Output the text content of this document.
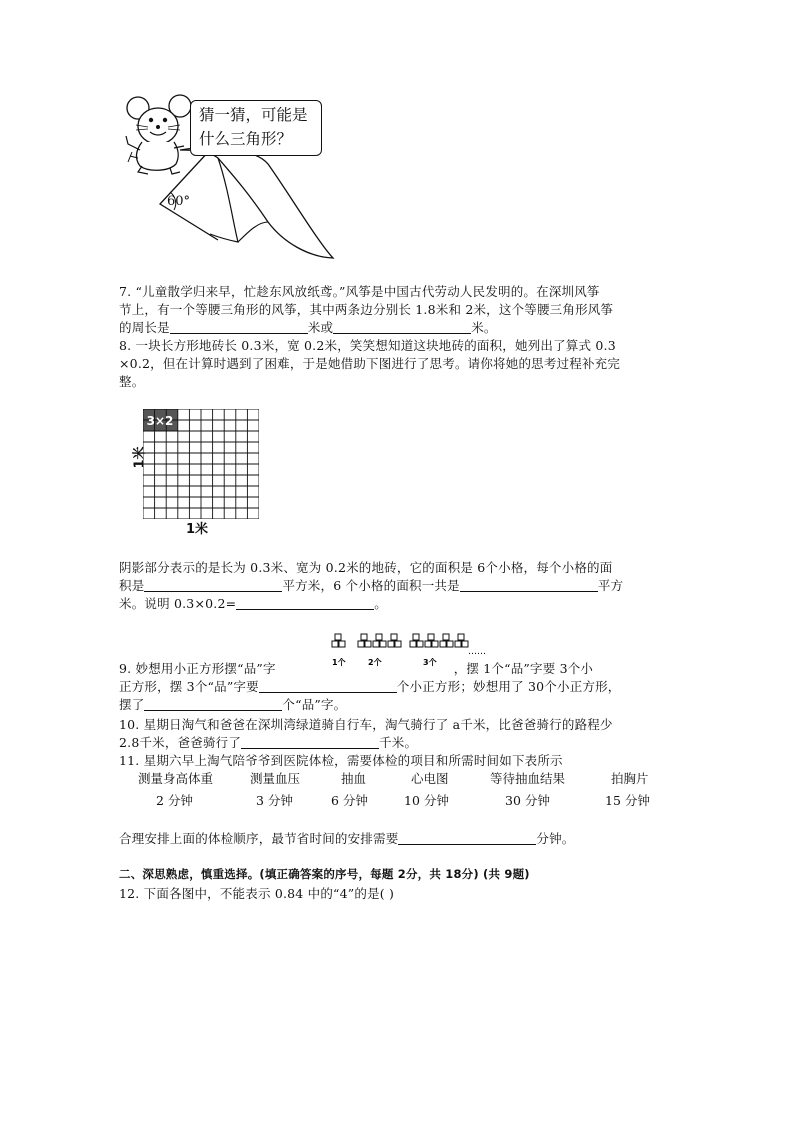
60°
猜一猜，可能是
什么三角形？
7. “儿童散学归来早，忙趁东风放纸鸢。”风筝是中国古代劳动人民发明的。在深圳风筝
节上，有一个等腰三角形的风筝，其中两条边分别长 1.8米和 2米，这个等腰三角形风筝
的周长是	米或	米。
8. 一块长方形地砖长 0.3米，宽 0.2米，笑笑想知道这块地砖的面积，她列出了算式 0.3
×0.2，但在计算时遇到了困难，于是她借助下图进行了思考。请你将她的思考过程补充完
整。
3×2
1米
1米
阴影部分表示的是长为 0.3米、宽为 0.2米的地砖，它的面积是 6个小格，每个小格的面
积是	平方米，6 个小格的面积一共是	平方
米。说明 0.3×0.2=	。
1个	2个	3个
……
9. 妙想用小正方形摆“品”字	，摆 1个“品”字要 3个小
正方形，摆 3个“品”字要	个小正方形；妙想用了 30个小正方形，
摆了	个“品”字。
10. 星期日淘气和爸爸在深圳湾绿道骑自行车，淘气骑行了 a千米，比爸爸骑行的路程少
2.8千米，爸爸骑行了	千米。
11. 星期六早上淘气陪爷爷到医院体检，需要体检的项目和所需时间如下表所示
测量身高体重	测量血压	抽血	心电图	等待抽血结果	拍胸片
2 分钟	3 分钟	6 分钟	10 分钟	30 分钟	15 分钟
合理安排上面的体检顺序，最节省时间的安排需要	分钟。
二、深思熟虑，慎重选择。(填正确答案的序号，每题 2分，共 18分) (共 9题)
12. 下面各图中，不能表示 0.84 中的“4”的是( )
